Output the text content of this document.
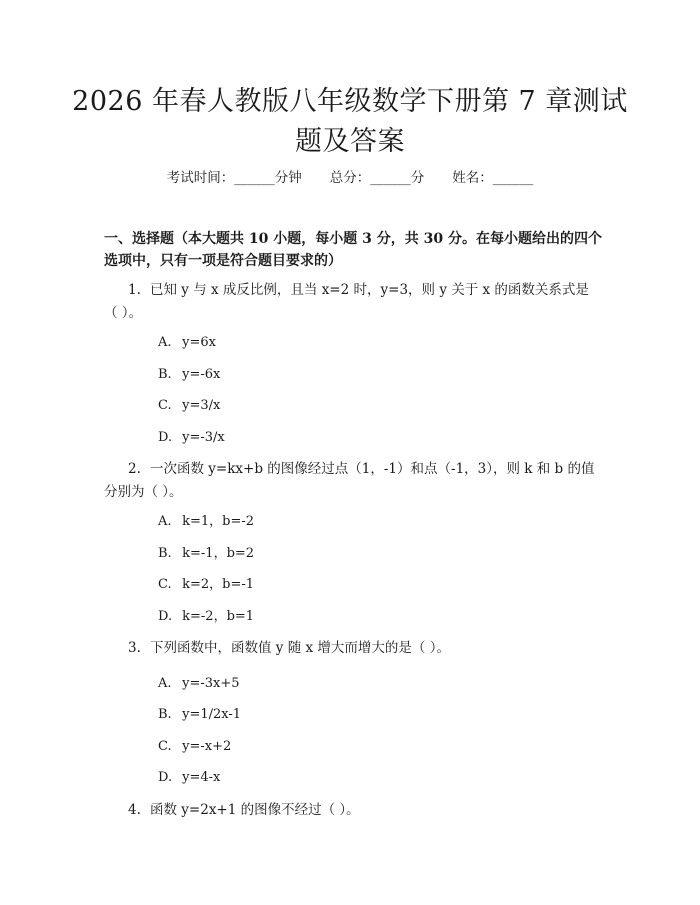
2026 年春人教版八年级数学下册第 7 章测试
题及答案
考试时间：______分钟 总分：______分 姓名：______
一、选择题（本大题共 10 小题，每小题 3 分，共 30 分。在每小题给出的四个选项中，只有一项是符合题目要求的）
1. 已知 y 与 x 成反比例，且当 x=2 时，y=3，则 y 关于 x 的函数关系式是（ ）。
A. y=6x
B. y=-6x
C. y=3/x
D. y=-3/x
2. 一次函数 y=kx+b 的图像经过点（1，-1）和点（-1，3），则 k 和 b 的值分别为（ ）。
A. k=1，b=-2
B. k=-1，b=2
C. k=2，b=-1
D. k=-2，b=1
3. 下列函数中，函数值 y 随 x 增大而增大的是（ ）。
A. y=-3x+5
B. y=1/2x-1
C. y=-x+2
D. y=4-x
4. 函数 y=2x+1 的图像不经过（ ）。
